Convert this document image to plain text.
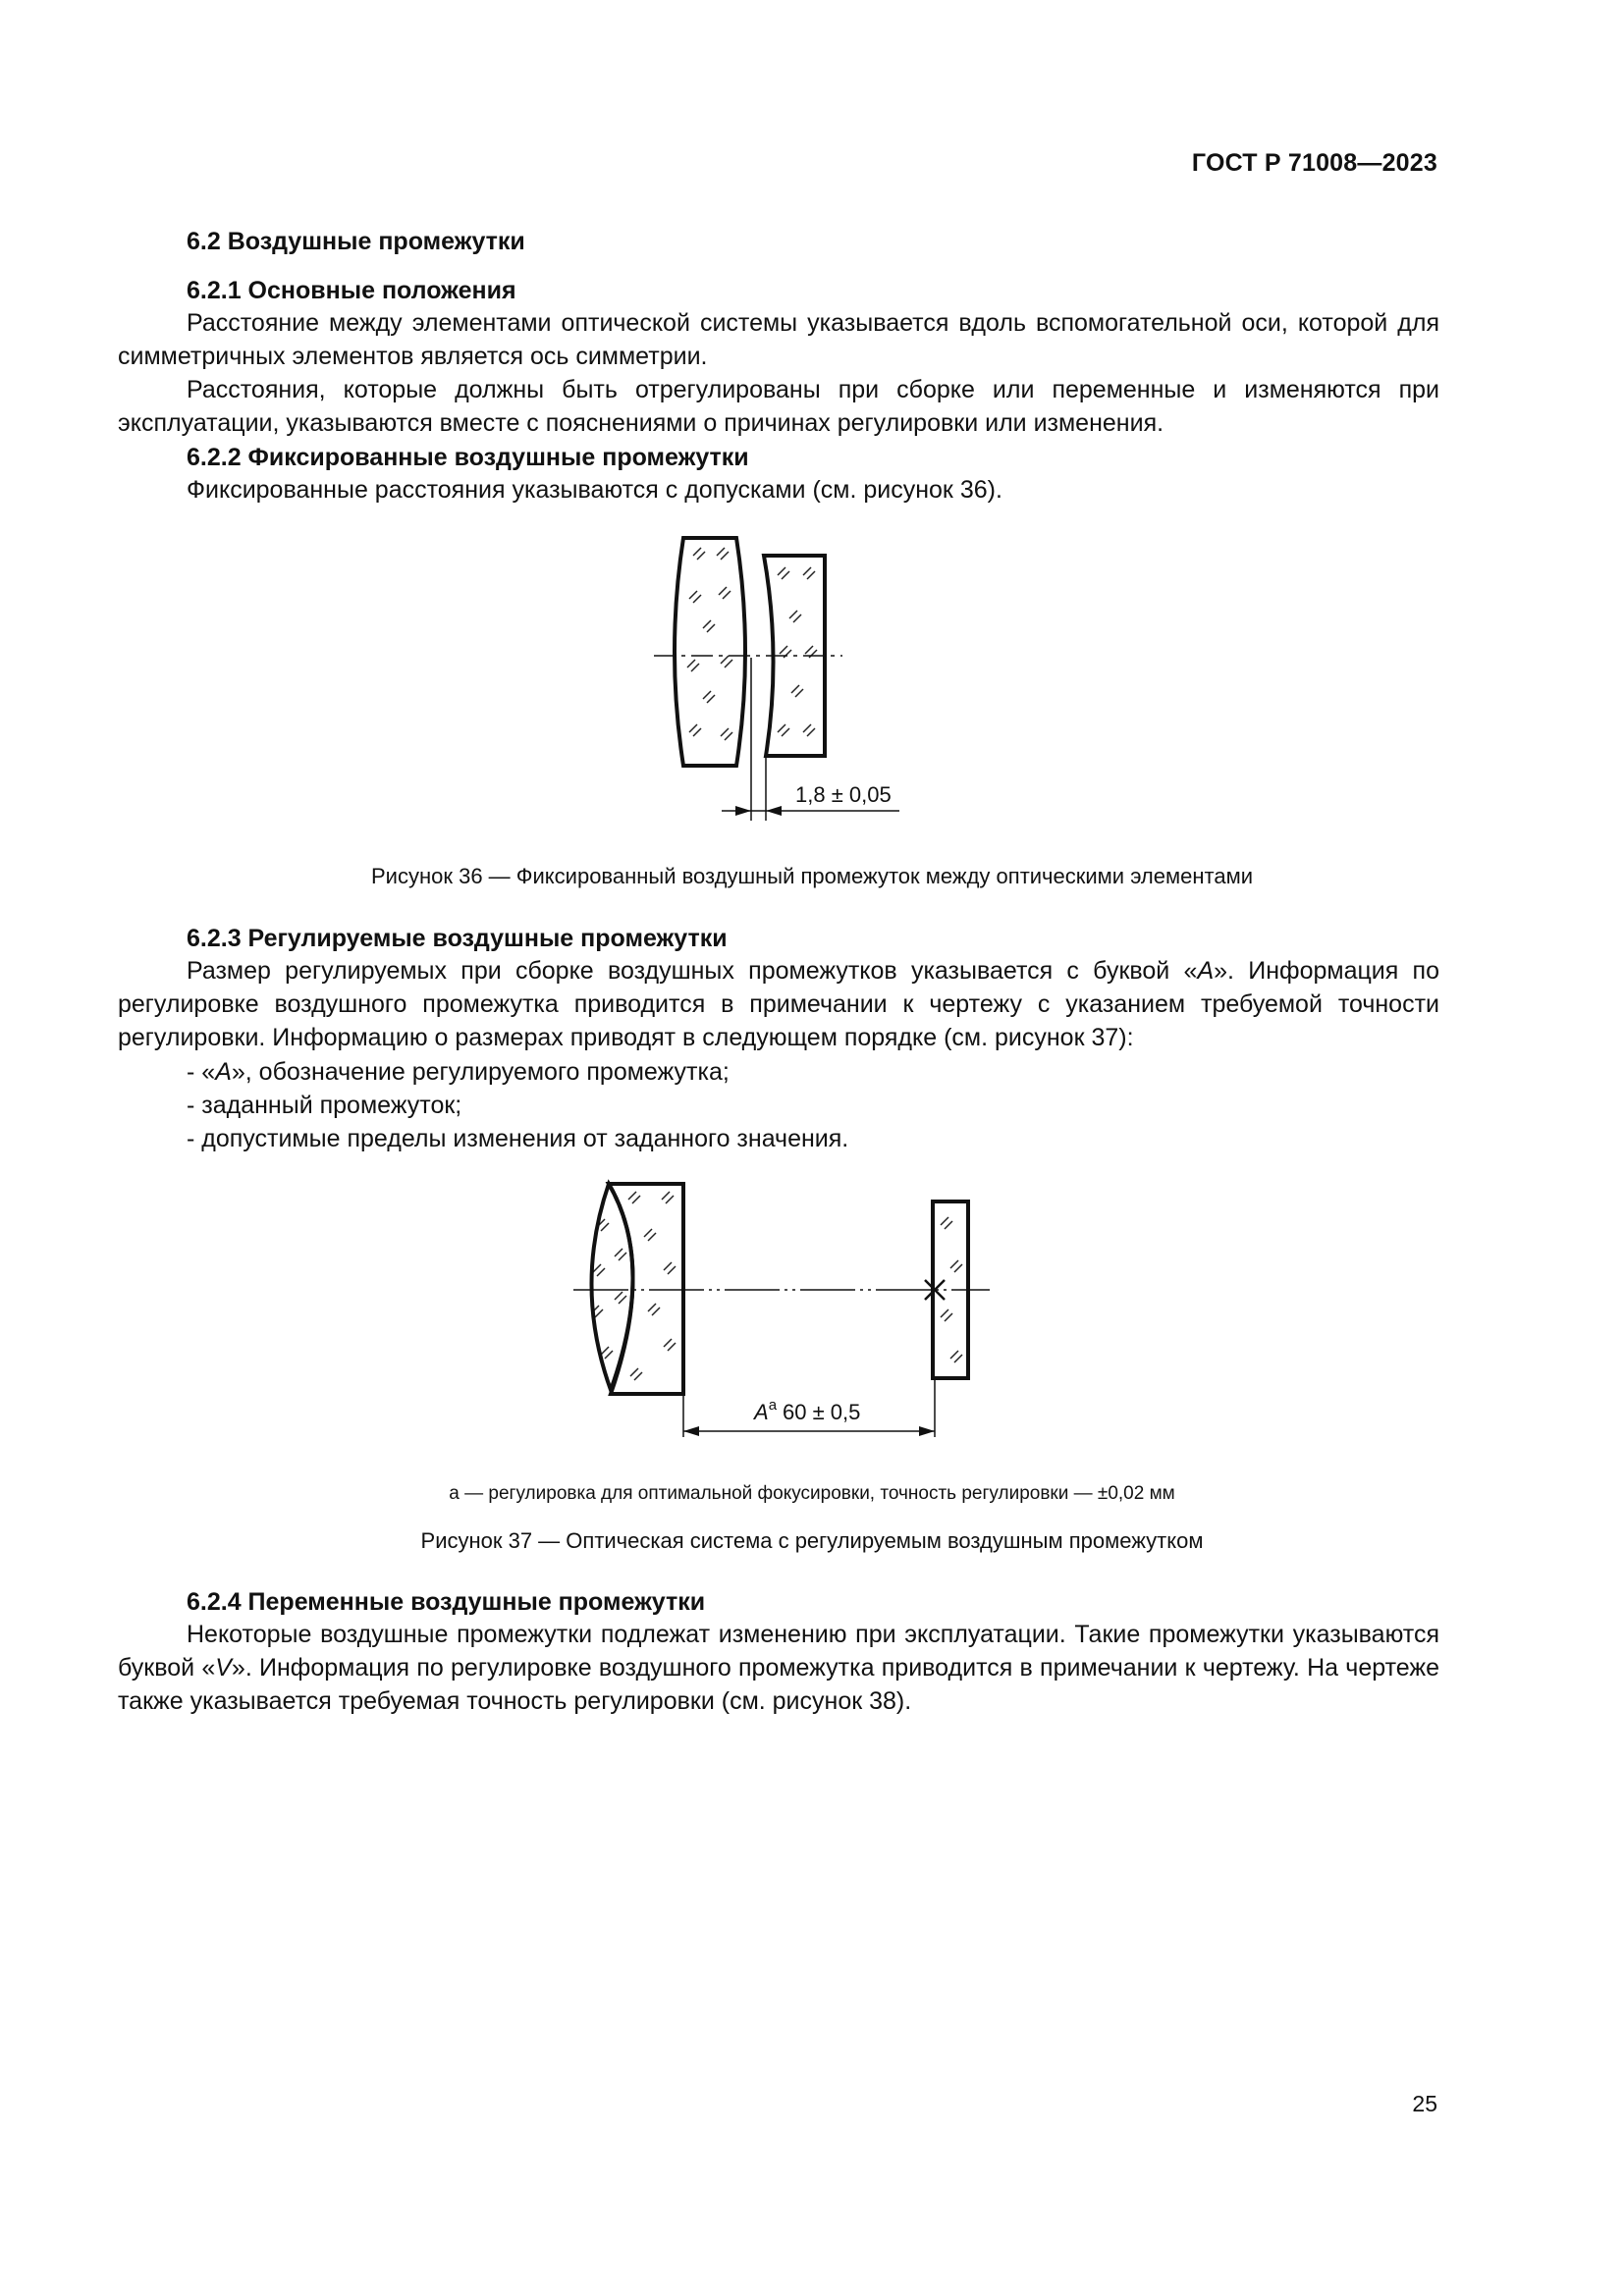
ГОСТ Р 71008—2023
6.2 Воздушные промежутки
6.2.1 Основные положения
Расстояние между элементами оптической системы указывается вдоль вспомогательной оси, которой для симметричных элементов является ось симметрии.
Расстояния, которые должны быть отрегулированы при сборке или переменные и изменяются при эксплуатации, указываются вместе с пояснениями о причинах регулировки или изменения.
6.2.2 Фиксированные воздушные промежутки
Фиксированные расстояния указываются с допусками (см. рисунок 36).
1,8 ± 0,05
Рисунок 36 — Фиксированный воздушный промежуток между оптическими элементами
6.2.3 Регулируемые воздушные промежутки
Размер регулируемых при сборке воздушных промежутков указывается с буквой «A». Информация по регулировке воздушного промежутка приводится в примечании к чертежу с указанием требуемой точности регулировки. Информацию о размерах приводят в следующем порядке (см. рисунок 37):
- «A», обозначение регулируемого промежутка;
- заданный промежуток;
- допустимые пределы изменения от заданного значения.
$A^a$ 60 ± 0,5
а — регулировка для оптимальной фокусировки, точность регулировки — ±0,02 мм
Рисунок 37 — Оптическая система с регулируемым воздушным промежутком
6.2.4 Переменные воздушные промежутки
Некоторые воздушные промежутки подлежат изменению при эксплуатации. Такие промежутки указываются буквой «V». Информация по регулировке воздушного промежутка приводится в примечании к чертежу. На чертеже также указывается требуемая точность регулировки (см. рисунок 38).
25
